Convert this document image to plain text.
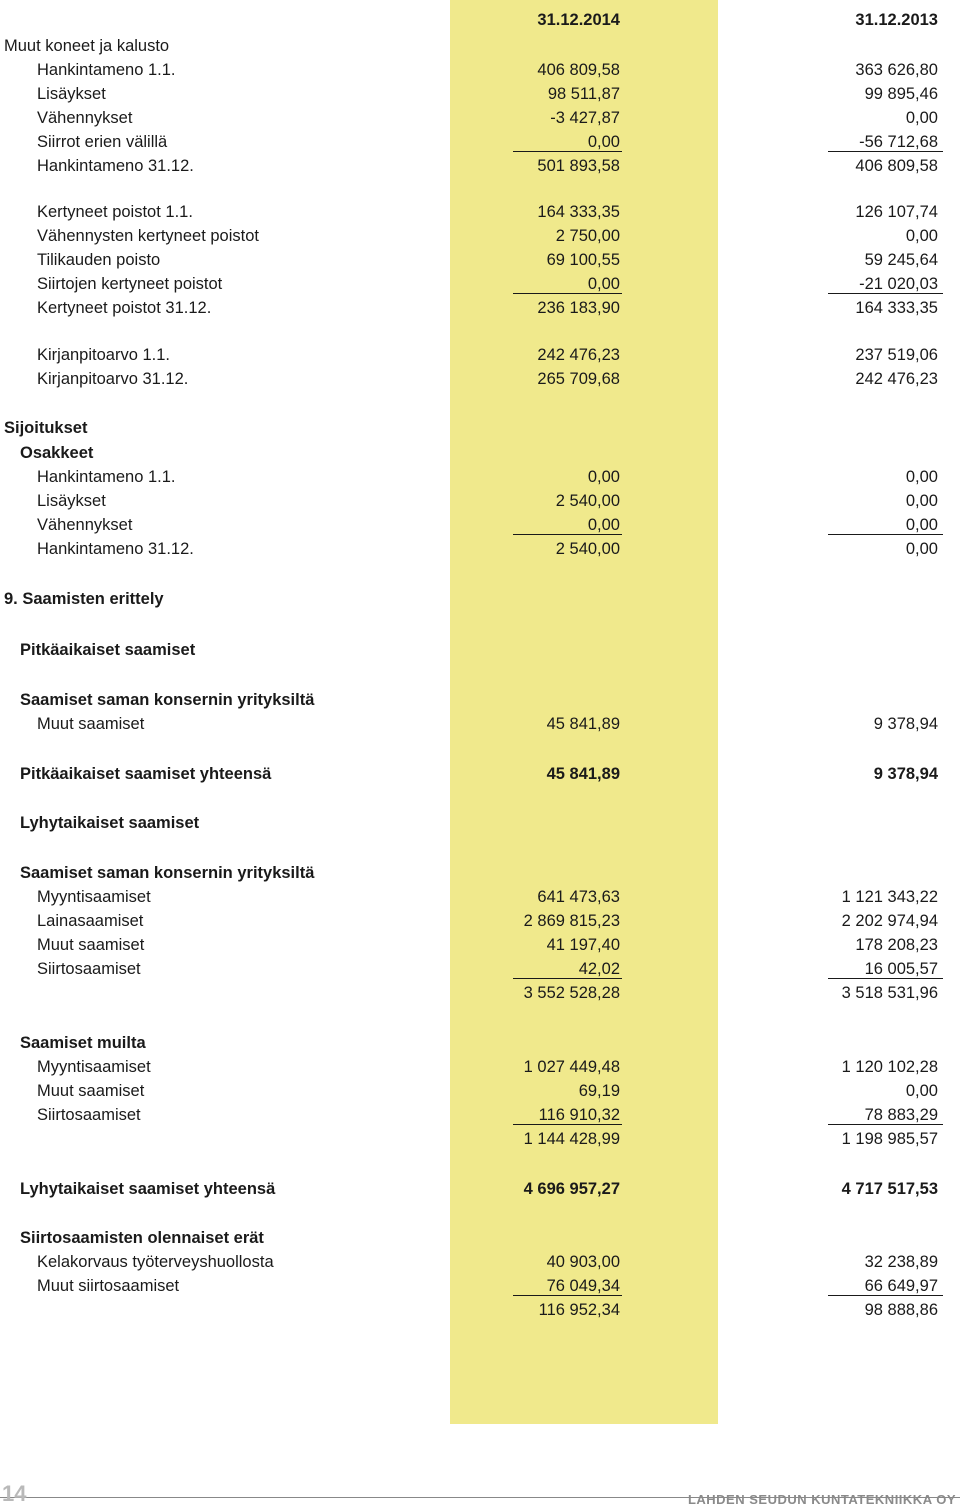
31.12.2014	31.12.2013
Muut koneet ja kalusto
Hankintameno 1.1.	406 809,58	363 626,80
Lisäykset	98 511,87	99 895,46
Vähennykset	-3 427,87	0,00
Siirrot erien välillä	0,00	-56 712,68
Hankintameno 31.12.	501 893,58	406 809,58
Kertyneet poistot 1.1.	164 333,35	126 107,74
Vähennysten kertyneet poistot	2 750,00	0,00
Tilikauden poisto	69 100,55	59 245,64
Siirtojen kertyneet poistot	0,00	-21 020,03
Kertyneet poistot 31.12.	236 183,90	164 333,35
Kirjanpitoarvo 1.1.	242 476,23	237 519,06
Kirjanpitoarvo 31.12.	265 709,68	242 476,23
Sijoitukset
Osakkeet
Hankintameno 1.1.	0,00	0,00
Lisäykset	2 540,00	0,00
Vähennykset	0,00	0,00
Hankintameno 31.12.	2 540,00	0,00
9. Saamisten erittely
Pitkäaikaiset saamiset
Saamiset saman konsernin yrityksiltä
Muut saamiset	45 841,89	9 378,94
Pitkäaikaiset saamiset yhteensä	45 841,89	9 378,94
Lyhytaikaiset saamiset
Saamiset saman konsernin yrityksiltä
Myyntisaamiset	641 473,63	1 121 343,22
Lainasaamiset	2 869 815,23	2 202 974,94
Muut saamiset	41 197,40	178 208,23
Siirtosaamiset	42,02	16 005,57
3 552 528,28	3 518 531,96
Saamiset muilta
Myyntisaamiset	1 027 449,48	1 120 102,28
Muut saamiset	69,19	0,00
Siirtosaamiset	116 910,32	78 883,29
1 144 428,99	1 198 985,57
Lyhytaikaiset saamiset yhteensä	4 696 957,27	4 717 517,53
Siirtosaamisten olennaiset erät
Kelakorvaus työterveyshuollosta	40 903,00	32 238,89
Muut siirtosaamiset	76 049,34	66 649,97
116 952,34	98 888,86
14	LAHDEN SEUDUN KUNTATEKNIIKKA OY
